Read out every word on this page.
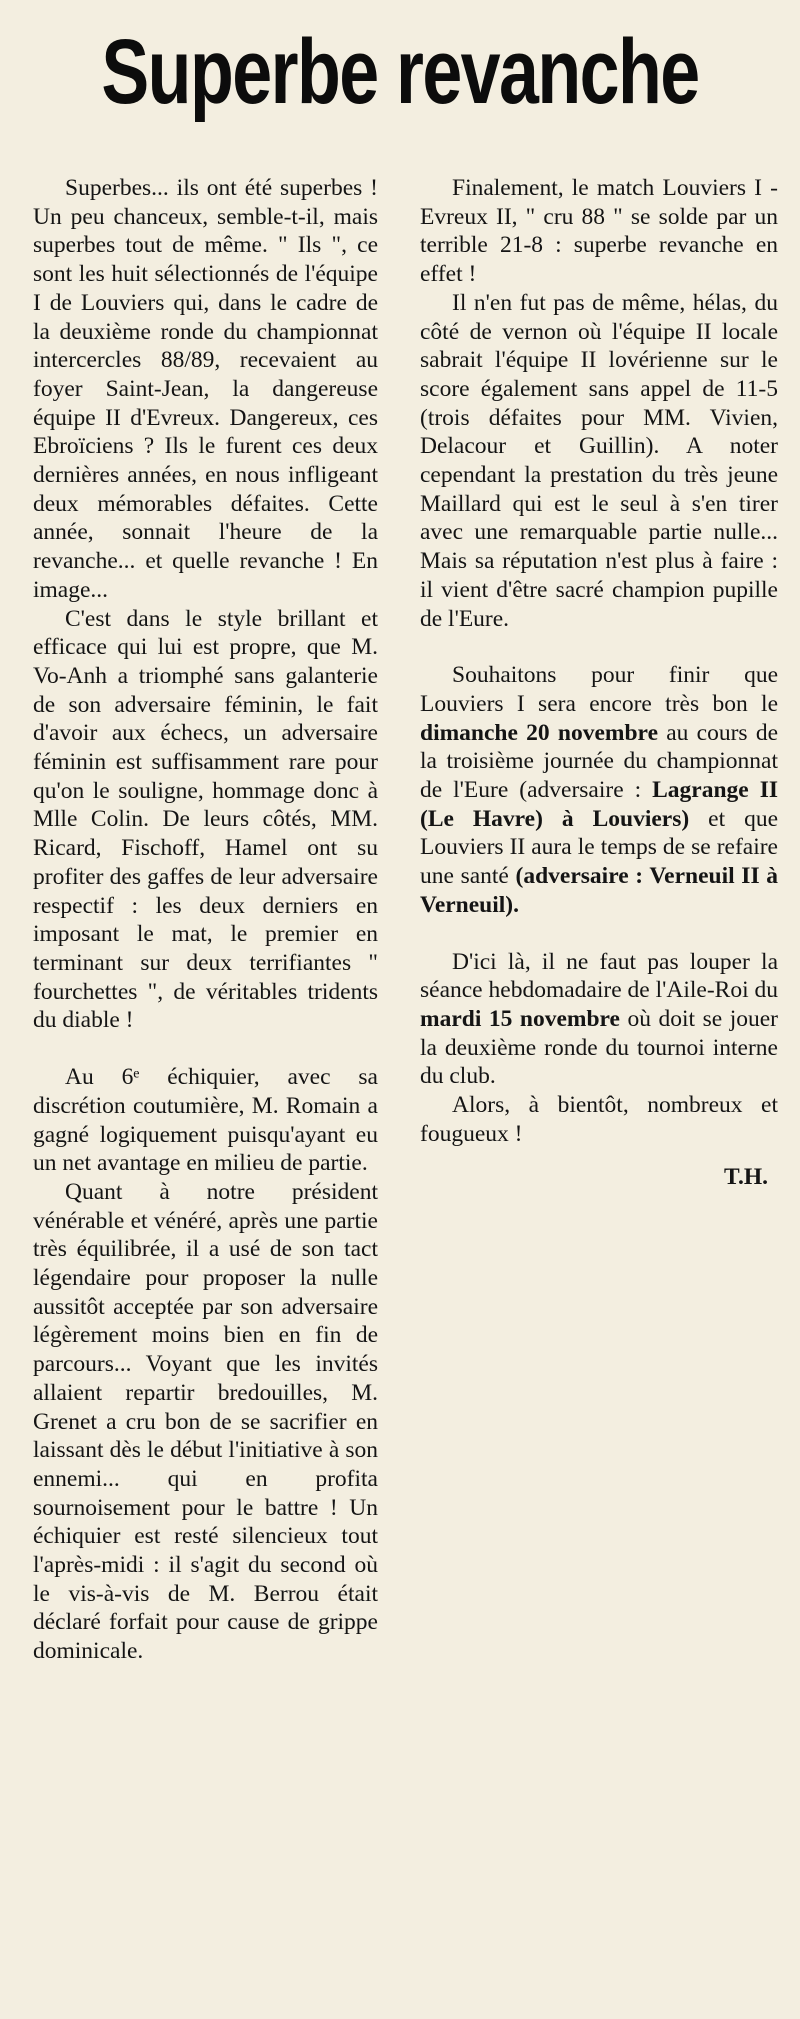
Superbe revanche

Superbes... ils ont été superbes ! Un peu chanceux, semble-t-il, mais superbes tout de même. " Ils ", ce sont les huit sélectionnés de l'équipe I de Louviers qui, dans le cadre de la deuxième ronde du championnat intercercles 88/89, recevaient au foyer Saint-Jean, la dangereuse équipe II d'Evreux. Dangereux, ces Ebroïciens ? Ils le furent ces deux dernières années, en nous infligeant deux mémorables défaites. Cette année, sonnait l'heure de la revanche... et quelle revanche ! En image...

C'est dans le style brillant et efficace qui lui est propre, que M. Vo-Anh a triomphé sans galanterie de son adversaire féminin, le fait d'avoir aux échecs, un adversaire féminin est suffisamment rare pour qu'on le souligne, hommage donc à Mlle Colin. De leurs côtés, MM. Ricard, Fischoff, Hamel ont su profiter des gaffes de leur adversaire respectif : les deux derniers en imposant le mat, le premier en terminant sur deux terrifiantes " fourchettes ", de véritables tridents du diable !

Au 6ᵉ échiquier, avec sa discrétion coutumière, M. Romain a gagné logiquement puisqu'ayant eu un net avantage en milieu de partie.

Quant à notre président vénérable et vénéré, après une partie très équilibrée, il a usé de son tact légendaire pour proposer la nulle aussitôt acceptée par son adversaire légèrement moins bien en fin de parcours... Voyant que les invités allaient repartir bredouilles, M. Grenet a cru bon de se sacrifier en laissant dès le début l'initiative à son ennemi... qui en profita sournoisement pour le battre ! Un échiquier est resté silencieux tout l'après-midi : il s'agit du second où le vis-à-vis de M. Berrou était déclaré forfait pour cause de grippe dominicale.

Finalement, le match Louviers I - Evreux II, " cru 88 " se solde par un terrible 21-8 : superbe revanche en effet !

Il n'en fut pas de même, hélas, du côté de vernon où l'équipe II locale sabrait l'équipe II lovérienne sur le score également sans appel de 11-5 (trois défaites pour MM. Vivien, Delacour et Guillin). A noter cependant la prestation du très jeune Maillard qui est le seul à s'en tirer avec une remarquable partie nulle... Mais sa réputation n'est plus à faire : il vient d'être sacré champion pupille de l'Eure.

Souhaitons pour finir que Louviers I sera encore très bon le dimanche 20 novembre au cours de la troisième journée du championnat de l'Eure (adversaire : Lagrange II (Le Havre) à Louviers) et que Louviers II aura le temps de se refaire une santé (adversaire : Verneuil II à Verneuil).

D'ici là, il ne faut pas louper la séance hebdomadaire de l'Aile-Roi du mardi 15 novembre où doit se jouer la deuxième ronde du tournoi interne du club.

Alors, à bientôt, nombreux et fougueux !

T.H.
